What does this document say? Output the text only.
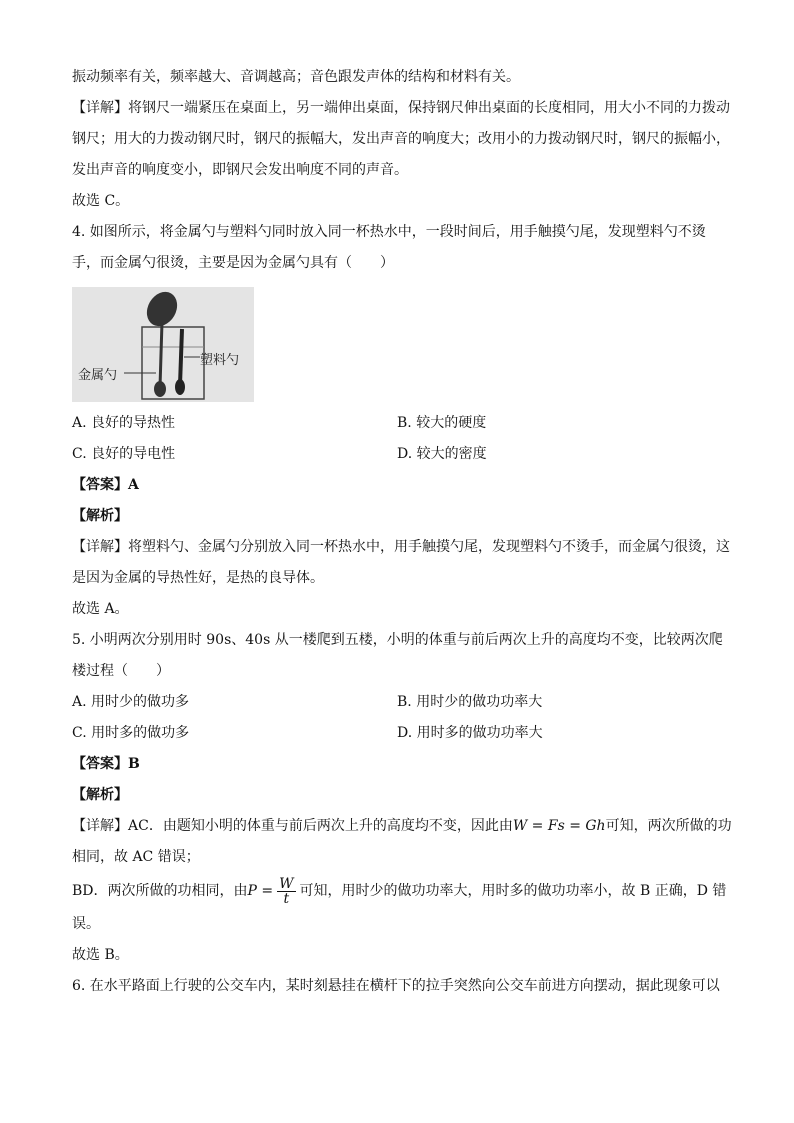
振动频率有关，频率越大、音调越高；音色跟发声体的结构和材料有关。
【详解】将钢尺一端紧压在桌面上，另一端伸出桌面，保持钢尺伸出桌面的长度相同，用大小不同的力拨动钢尺；用大的力拨动钢尺时，钢尺的振幅大，发出声音的响度大；改用小的力拨动钢尺时，钢尺的振幅小，发出声音的响度变小，即钢尺会发出响度不同的声音。
故选 C。
4. 如图所示，将金属勺与塑料勺同时放入同一杯热水中，一段时间后，用手触摸勺尾，发现塑料勺不烫手，而金属勺很烫，主要是因为金属勺具有（　　）
金属勺
塑料勺
A. 良好的导热性	B. 较大的硬度
C. 良好的导电性	D. 较大的密度
【答案】A
【解析】
【详解】将塑料勺、金属勺分别放入同一杯热水中，用手触摸勺尾，发现塑料勺不烫手，而金属勺很烫，这是因为金属的导热性好，是热的良导体。
故选 A。
5. 小明两次分别用时 90s、40s 从一楼爬到五楼，小明的体重与前后两次上升的高度均不变，比较两次爬楼过程（　　）
A. 用时少的做功多	B. 用时少的做功功率大
C. 用时多的做功多	D. 用时多的做功功率大
【答案】B
【解析】
【详解】AC．由题知小明的体重与前后两次上升的高度均不变，因此由W = Fs = Gh可知，两次所做的功
相同，故 AC 错误；
BD．两次所做的功相同，由$P = \frac{W}{t}$ 可知，用时少的做功功率大，用时多的做功功率小，故 B 正确，D 错
误。
故选 B。
6. 在水平路面上行驶的公交车内，某时刻悬挂在横杆下的拉手突然向公交车前进方向摆动，据此现象可以
